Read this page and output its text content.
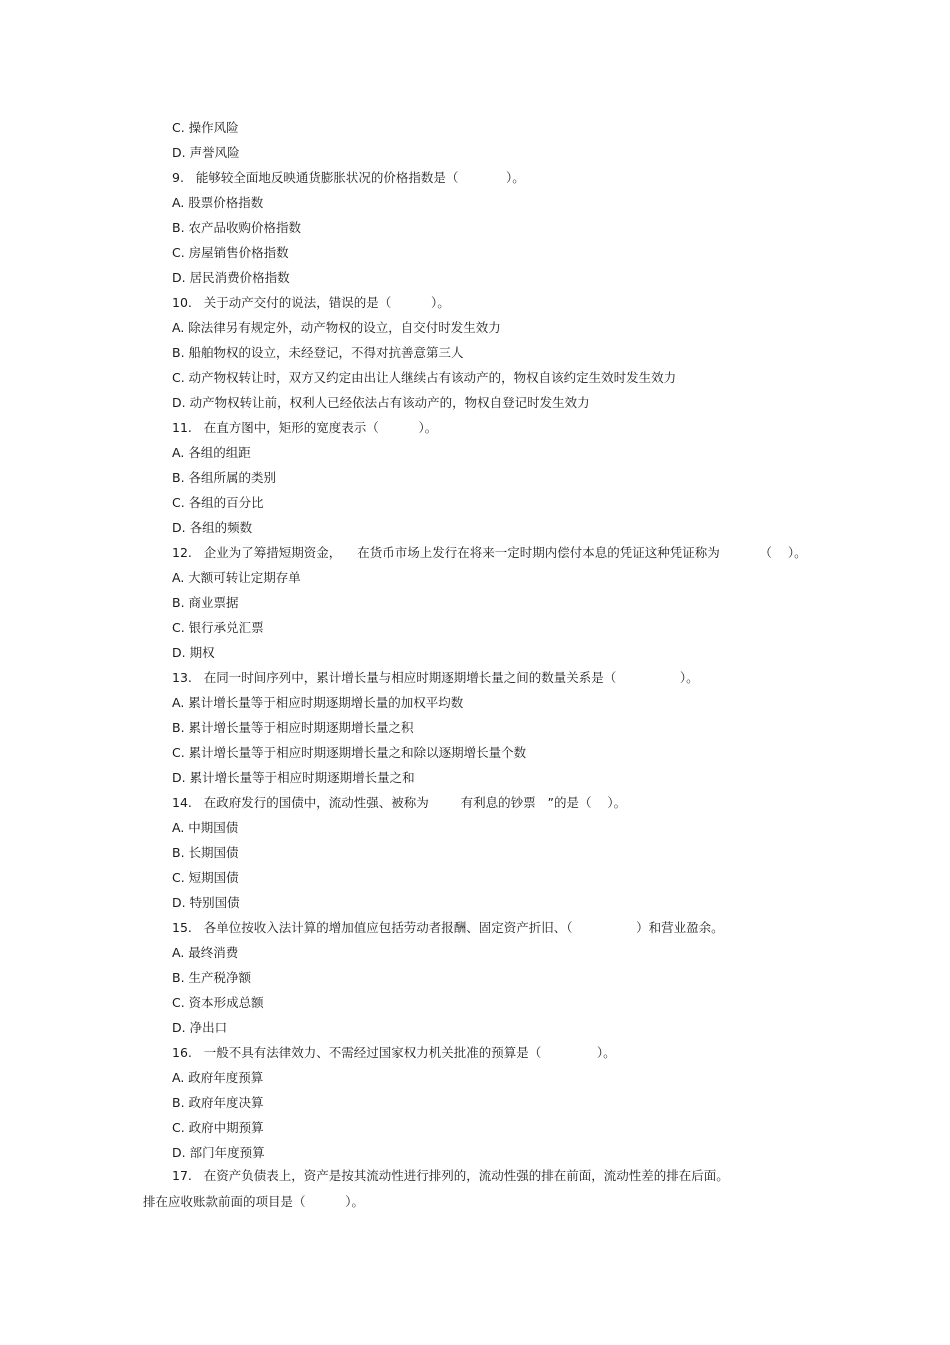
C. 操作风险
D. 声誉风险
9.   能够较全面地反映通货膨胀状况的价格指数是（            ）。
A. 股票价格指数
B. 农产品收购价格指数
C. 房屋销售价格指数
D. 居民消费价格指数
10.   关于动产交付的说法，错误的是（          ）。
A. 除法律另有规定外，动产物权的设立，自交付时发生效力
B. 船舶物权的设立，未经登记，不得对抗善意第三人
C. 动产物权转让时，双方又约定由出让人继续占有该动产的，物权自该约定生效时发生效力
D. 动产物权转让前，权利人已经依法占有该动产的，物权自登记时发生效力
11.   在直方图中，矩形的宽度表示（          ）。
A. 各组的组距
B. 各组所属的类别
C. 各组的百分比
D. 各组的频数
12.   企业为了筹措短期资金，    在货币市场上发行在将来一定时期内偿付本息的凭证这种凭证称为          （    ）。
A. 大额可转让定期存单
B. 商业票据
C. 银行承兑汇票
D. 期权
13.   在同一时间序列中，累计增长量与相应时期逐期增长量之间的数量关系是（                ）。
A. 累计增长量等于相应时期逐期增长量的加权平均数
B. 累计增长量等于相应时期逐期增长量之积
C. 累计增长量等于相应时期逐期增长量之和除以逐期增长量个数
D. 累计增长量等于相应时期逐期增长量之和
14.   在政府发行的国债中，流动性强、被称为        有利息的钞票   ”的是（    ）。
A. 中期国债
B. 长期国债
C. 短期国债
D. 特别国债
15.   各单位按收入法计算的增加值应包括劳动者报酬、固定资产折旧、（                ）和营业盈余。
A. 最终消费
B. 生产税净额
C. 资本形成总额
D. 净出口
16.   一般不具有法律效力、不需经过国家权力机关批准的预算是（              ）。
A. 政府年度预算
B. 政府年度决算
C. 政府中期预算
D. 部门年度预算
17.   在资产负债表上，资产是按其流动性进行排列的，流动性强的排在前面，流动性差的排在后面。
排在应收账款前面的项目是（          ）。
